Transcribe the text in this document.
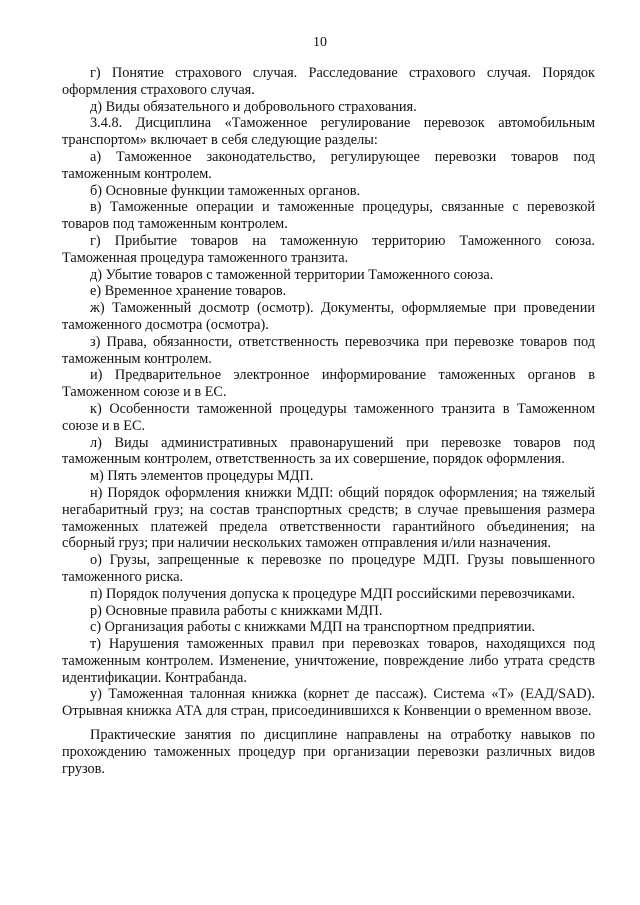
10

г) Понятие страхового случая. Расследование страхового случая. Порядок оформления страхового случая.

д) Виды обязательного и добровольного страхования.

3.4.8. Дисциплина «Таможенное регулирование перевозок автомобильным транспортом» включает в себя следующие разделы:

а) Таможенное законодательство, регулирующее перевозки товаров под таможенным контролем.

б) Основные функции таможенных органов.

в) Таможенные операции и таможенные процедуры, связанные с перевозкой товаров под таможенным контролем.

г) Прибытие товаров на таможенную территорию Таможенного союза. Таможенная процедура таможенного транзита.

д) Убытие товаров с таможенной территории Таможенного союза.

е) Временное хранение товаров.

ж) Таможенный досмотр (осмотр). Документы, оформляемые при проведении таможенного досмотра (осмотра).

з) Права, обязанности, ответственность перевозчика при перевозке товаров под таможенным контролем.

и) Предварительное электронное информирование таможенных органов в Таможенном союзе и в ЕС.

к) Особенности таможенной процедуры таможенного транзита в Таможенном союзе и в ЕС.

л) Виды административных правонарушений при перевозке товаров под таможенным контролем, ответственность за их совершение, порядок оформления.

м) Пять элементов процедуры МДП.

н) Порядок оформления книжки МДП: общий порядок оформления; на тяжелый негабаритный груз; на состав транспортных средств; в случае превышения размера таможенных платежей предела ответственности гарантийного объединения; на сборный груз; при наличии нескольких таможен отправления и/или назначения.

о) Грузы, запрещенные к перевозке по процедуре МДП. Грузы повышенного таможенного риска.

п) Порядок получения допуска к процедуре МДП российскими перевозчиками.

р) Основные правила работы с книжками МДП.

с) Организация работы с книжками МДП на транспортном предприятии.

т) Нарушения таможенных правил при перевозках товаров, находящихся под таможенным контролем. Изменение, уничтожение, повреждение либо утрата средств идентификации. Контрабанда.

у) Таможенная талонная книжка (корнет де пассаж). Система «Т» (ЕАД/SAD). Отрывная книжка АТА для стран, присоединившихся к Конвенции о временном ввозе.

Практические занятия по дисциплине направлены на отработку навыков по прохождению таможенных процедур при организации перевозки различных видов грузов.
